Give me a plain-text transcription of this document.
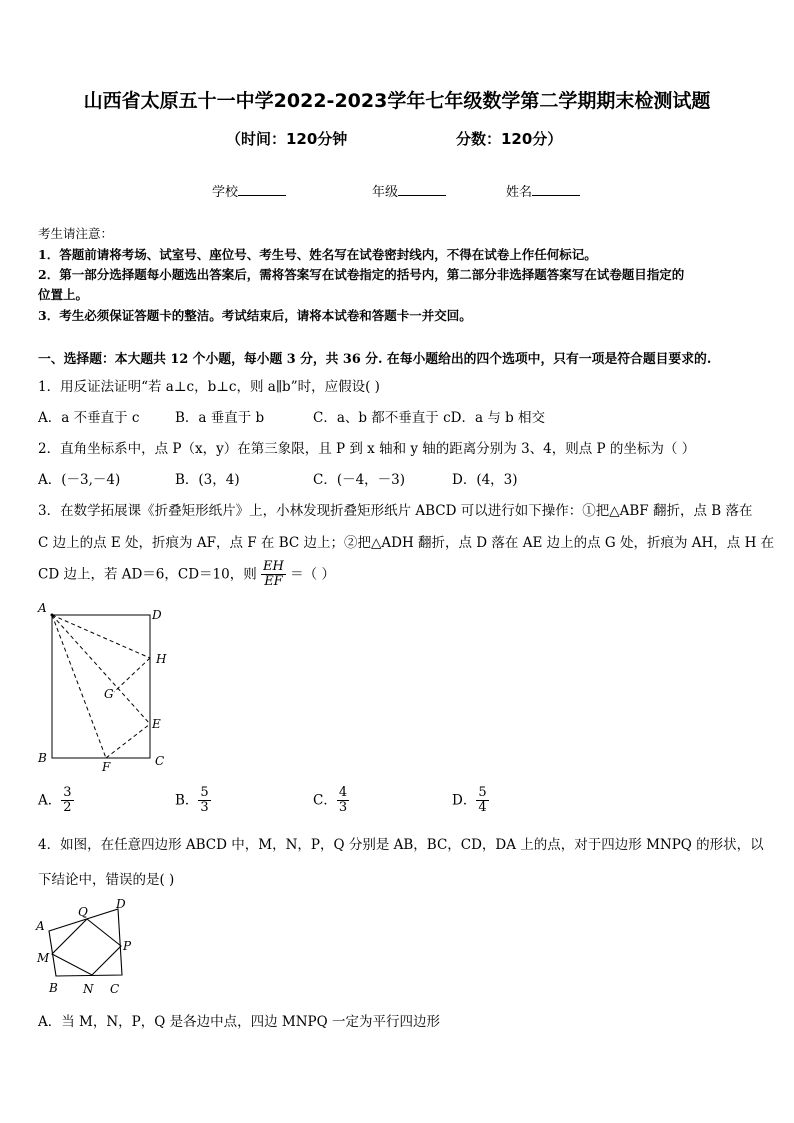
山西省太原五十一中学2022-2023学年七年级数学第二学期期末检测试题
（时间：120分钟	分数：120分）
学校	年级	姓名
考生请注意：
1．答题前请将考场、试室号、座位号、考生号、姓名写在试卷密封线内，不得在试卷上作任何标记。
2．第一部分选择题每小题选出答案后，需将答案写在试卷指定的括号内，第二部分非选择题答案写在试卷题目指定的
位置上。
3．考生必须保证答题卡的整洁。考试结束后，请将本试卷和答题卡一并交回。
一、选择题：本大题共 12 个小题，每小题 3 分，共 36 分. 在每小题给出的四个选项中，只有一项是符合题目要求的.
1．用反证法证明“若 a⊥c，b⊥c，则 a∥b”时，应假设( )
A．a 不垂直于 c	B．a 垂直于 b	C．a、b 都不垂直于 cD．a 与 b 相交
2．直角坐标系中，点 P（x，y）在第三象限，且 P 到 x 轴和 y 轴的距离分别为 3、4，则点 P 的坐标为（ ）
A．(－3,－4)	B．(3，4)	C．(－4，－3)	D．(4，3)
3．在数学拓展课《折叠矩形纸片》上，小林发现折叠矩形纸片 ABCD 可以进行如下操作：①把△ABF 翻折，点 B 落在
C 边上的点 E 处，折痕为 AF，点 F 在 BC 边上；②把△ADH 翻折，点 D 落在 AE 边上的点 G 处，折痕为 AH，点 H 在
CD 边上，若 AD＝6，CD＝10，则 $\frac{EH}{EF}$ ＝（ ）
A	D
H
G
E
B
F	C
A． $\frac{3}{2}$	B． $\frac{5}{3}$	C． $\frac{4}{3}$	D． $\frac{5}{4}$
4．如图，在任意四边形 ABCD 中，M，N，P，Q 分别是 AB，BC，CD，DA 上的点，对于四边形 MNPQ 的形状，以
下结论中，错误的是( )
A
Q
D
P
M
B N C
A．当 M，N，P，Q 是各边中点，四边 MNPQ 一定为平行四边形
